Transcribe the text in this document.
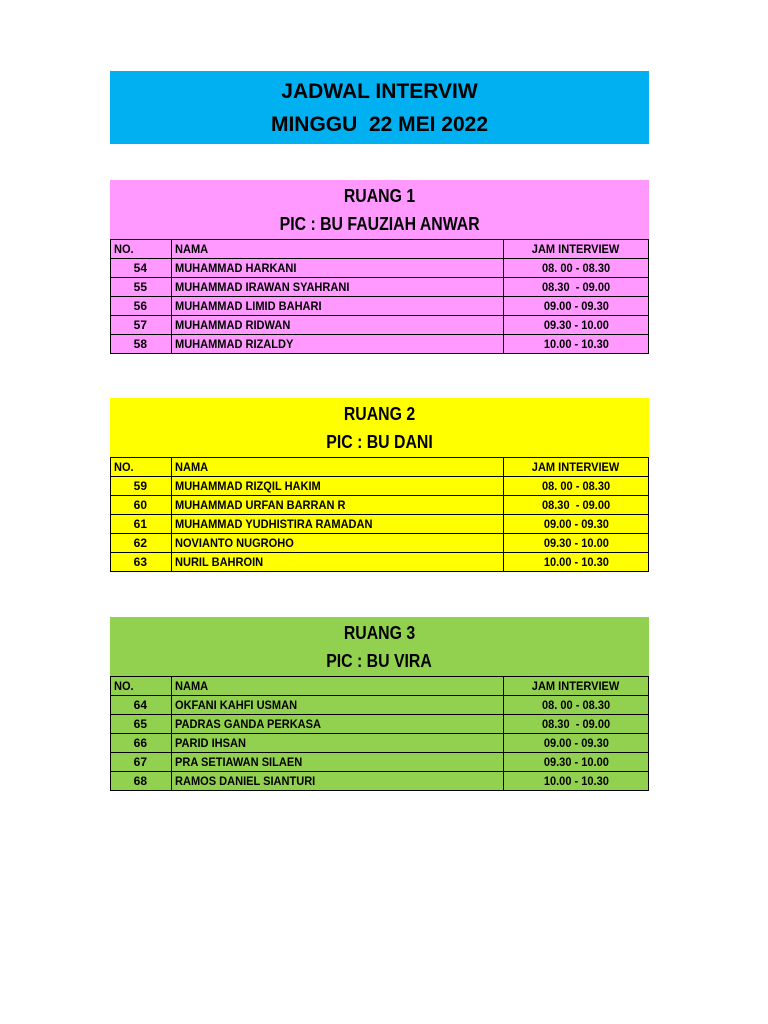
JADWAL INTERVIW
MINGGU  22 MEI 2022
RUANG 1
PIC : BU FAUZIAH ANWAR
NO.	NAMA	JAM INTERVIEW
54	MUHAMMAD HARKANI	08. 00 - 08.30
55	MUHAMMAD IRAWAN SYAHRANI	08.30  - 09.00
56	MUHAMMAD LIMID BAHARI	09.00 - 09.30
57	MUHAMMAD RIDWAN	09.30 - 10.00
58	MUHAMMAD RIZALDY	10.00 - 10.30
RUANG 2
PIC : BU DANI
NO.	NAMA	JAM INTERVIEW
59	MUHAMMAD RIZQIL HAKIM	08. 00 - 08.30
60	MUHAMMAD URFAN BARRAN R	08.30  - 09.00
61	MUHAMMAD YUDHISTIRA RAMADAN	09.00 - 09.30
62	NOVIANTO NUGROHO	09.30 - 10.00
63	NURIL BAHROIN	10.00 - 10.30
RUANG 3
PIC : BU VIRA
NO.	NAMA	JAM INTERVIEW
64	OKFANI KAHFI USMAN	08. 00 - 08.30
65	PADRAS GANDA PERKASA	08.30  - 09.00
66	PARID IHSAN	09.00 - 09.30
67	PRA SETIAWAN SILAEN	09.30 - 10.00
68	RAMOS DANIEL SIANTURI	10.00 - 10.30
